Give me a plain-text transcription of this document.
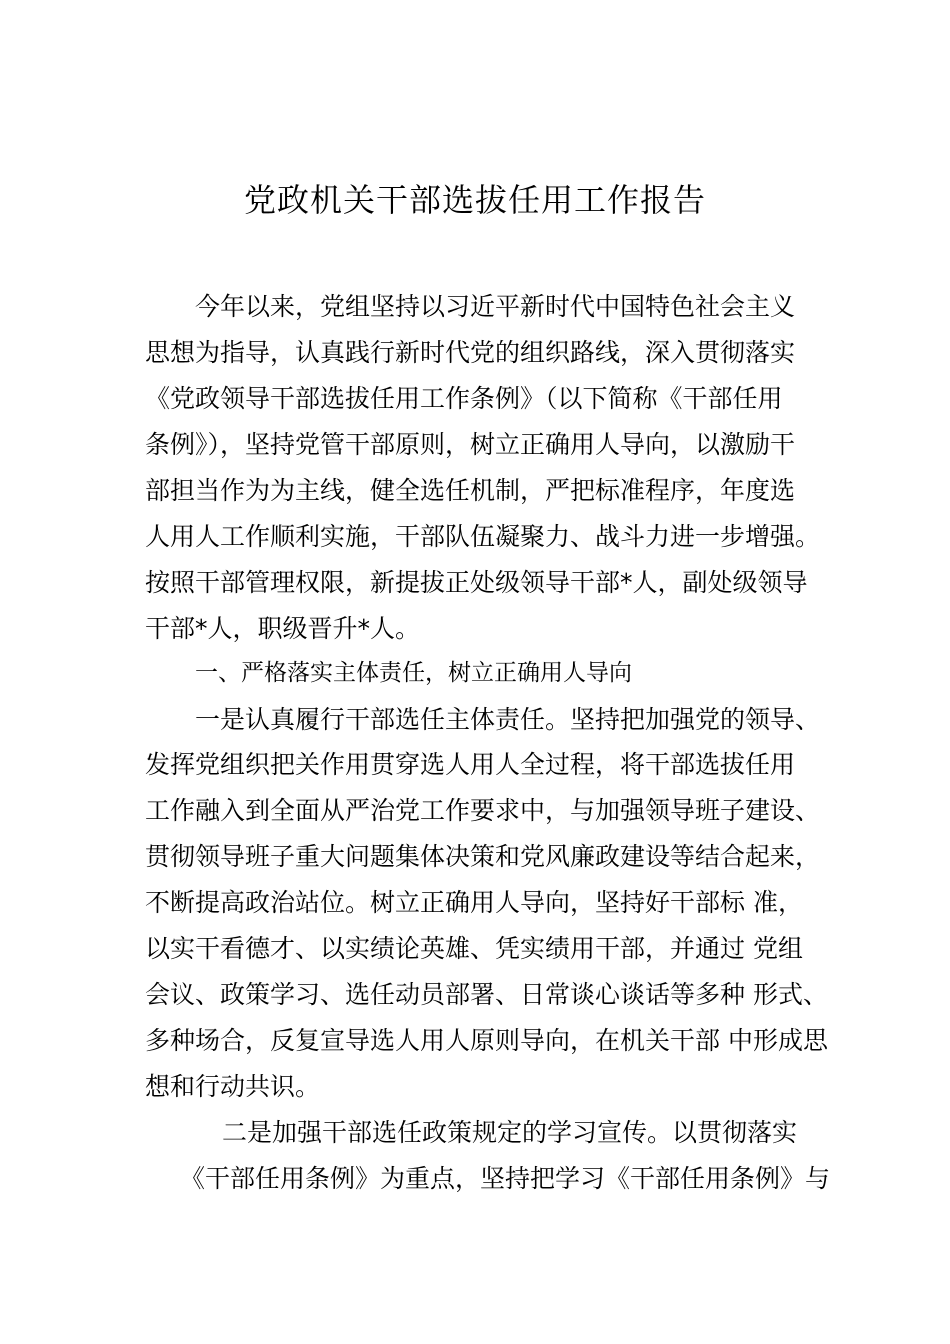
党政机关干部选拔任用工作报告

今年以来，党组坚持以习近平新时代中国特色社会主义

思想为指导，认真践行新时代党的组织路线，深入贯彻落实

《党政领导干部选拔任用工作条例》（以下简称《干部任用

条例》），坚持党管干部原则，树立正确用人导向，以激励干

部担当作为为主线，健全选任机制，严把标准程序，年度选

人用人工作顺利实施，干部队伍凝聚力、战斗力进一步增强。

按照干部管理权限，新提拔正处级领导干部*人，副处级领导

干部*人，职级晋升*人。

一、严格落实主体责任，树立正确用人导向

一是认真履行干部选任主体责任。坚持把加强党的领导、

发挥党组织把关作用贯穿选人用人全过程，将干部选拔任用

工作融入到全面从严治党工作要求中，与加强领导班子建设、

贯彻领导班子重大问题集体决策和党风廉政建设等结合起来，

不断提高政治站位。树立正确用人导向，坚持好干部标 准，

以实干看德才、以实绩论英雄、凭实绩用干部，并通过 党组

会议、政策学习、选任动员部署、日常谈心谈话等多种 形式、

多种场合，反复宣导选人用人原则导向，在机关干部 中形成思

想和行动共识。

二是加强干部选任政策规定的学习宣传。以贯彻落实

《干部任用条例》为重点，坚持把学习《干部任用条例》与
